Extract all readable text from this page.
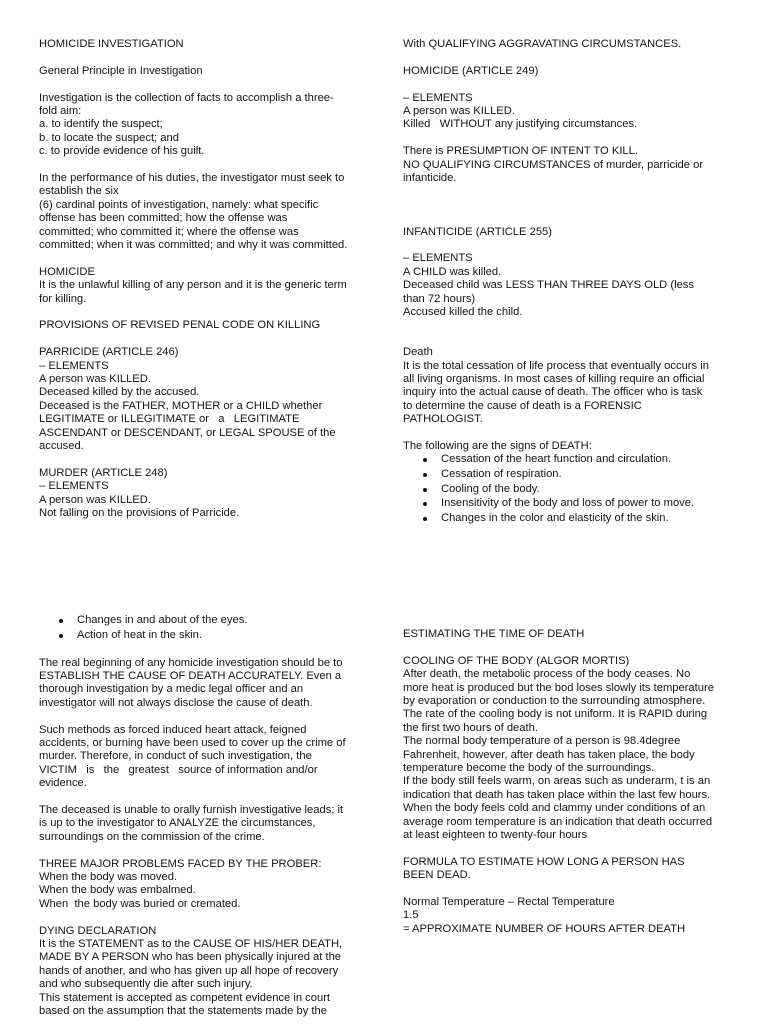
HOMICIDE INVESTIGATION

General Principle in Investigation

Investigation is the collection of facts to accomplish a three-

fold aim:

a. to identify the suspect;

b. to locate the suspect; and

c. to provide evidence of his guilt.

In the performance of his duties, the investigator must seek to

establish the six

(6) cardinal points of investigation, namely: what specific

offense has been committed; how the offense was

committed; who committed it; where the offense was

committed; when it was committed; and why it was committed.

HOMICIDE

It is the unlawful killing of any person and it is the generic term

for killing.

PROVISIONS OF REVISED PENAL CODE ON KILLING

PARRICIDE (ARTICLE 246)

– ELEMENTS

A person was KILLED.

Deceased killed by the accused.

Deceased is the FATHER, MOTHER or a CHILD whether

LEGITIMATE or ILLEGITIMATE or   a   LEGITIMATE

ASCENDANT or DESCENDANT, or LEGAL SPOUSE of the

accused.

MURDER (ARTICLE 248)

– ELEMENTS

A person was KILLED.

Not falling on the provisions of Parricide.

With QUALIFYING AGGRAVATING CIRCUMSTANCES.

HOMICIDE (ARTICLE 249)

– ELEMENTS

A person was KILLED.

Killed   WITHOUT any justifying circumstances.

There is PRESUMPTION OF INTENT TO KILL.

NO QUALIFYING CIRCUMSTANCES of murder, parricide or

infanticide.

INFANTICIDE (ARTICLE 255)

– ELEMENTS

A CHILD was killed.

Deceased child was LESS THAN THREE DAYS OLD (less

than 72 hours)

Accused killed the child.

Death

It is the total cessation of life process that eventually occurs in

all living organisms. In most cases of killing require an official

inquiry into the actual cause of death. The officer who is task

to determine the cause of death is a FORENSIC

PATHOLOGIST.

The following are the signs of DEATH:

Cessation of the heart function and circulation.
Cessation of respiration.
Cooling of the body.
Insensitivity of the body and loss of power to move.
Changes in the color and elasticity of the skin.
Changes in and about of the eyes.
Action of heat in the skin.

The real beginning of any homicide investigation should be to

ESTABLISH THE CAUSE OF DEATH ACCURATELY. Even a

thorough investigation by a medic legal officer and an

investigator will not always disclose the cause of death.

Such methods as forced induced heart attack, feigned

accidents, or burning have been used to cover up the crime of

murder. Therefore, in conduct of such investigation, the

VICTIM   is   the   greatest   source of information and/or

evidence.

The deceased is unable to orally furnish investigative leads; it

is up to the investigator to ANALYZE the circumstances,

surroundings on the commission of the crime.

THREE MAJOR PROBLEMS FACED BY THE PROBER:

When the body was moved.

When the body was embalmed.

When  the body was buried or cremated.

DYING DECLARATION

It is the STATEMENT as to the CAUSE OF HIS/HER DEATH,

MADE BY A PERSON who has been physically injured at the

hands of another, and who has given up all hope of recovery

and who subsequently die after such injury.

This statement is accepted as competent evidence in court

based on the assumption that the statements made by the

ESTIMATING THE TIME OF DEATH

COOLING OF THE BODY (ALGOR MORTIS)

After death, the metabolic process of the body ceases. No

more heat is produced but the bod loses slowly its temperature

by evaporation or conduction to the surrounding atmosphere.

The rate of the cooling body is not uniform. It is RAPID during

the first two hours of death.

The normal body temperature of a person is 98.4degree

Fahrenheit, however, after death has taken place, the body

temperature become the body of the surroundings.

If the body still feels warm, on areas such as underarm, t is an

indication that death has taken place within the last few hours.

When the body feels cold and clammy under conditions of an

average room temperature is an indication that death occurred

at least eighteen to twenty-four hours

FORMULA TO ESTIMATE HOW LONG A PERSON HAS

BEEN DEAD.

Normal Temperature – Rectal Temperature

1.5

= APPROXIMATE NUMBER OF HOURS AFTER DEATH
